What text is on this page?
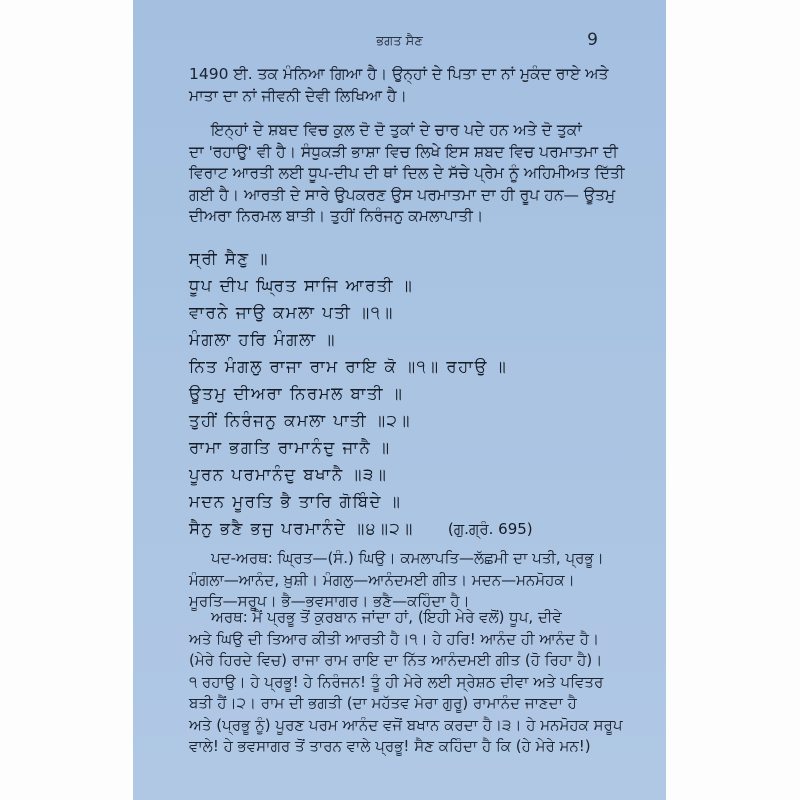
ਭਗਤ ਸੈਣ	9
1490 ਈ. ਤਕ ਮੰਨਿਆ ਗਿਆ ਹੈ। ਉਨ੍ਹਾਂ ਦੇ ਪਿਤਾ ਦਾ ਨਾਂ ਮੁਕੰਦ ਰਾਏ ਅਤੇ
ਮਾਤਾ ਦਾ ਨਾਂ ਜੀਵਨੀ ਦੇਵੀ ਲਿਖਿਆ ਹੈ।
ਇਨ੍ਹਾਂ ਦੇ ਸ਼ਬਦ ਵਿਚ ਕੁਲ ਦੋ ਦੋ ਤੁਕਾਂ ਦੇ ਚਾਰ ਪਦੇ ਹਨ ਅਤੇ ਦੋ ਤੁਕਾਂ
ਦਾ 'ਰਹਾਉ' ਵੀ ਹੈ। ਸੰਧੁਕੜੀ ਭਾਸ਼ਾ ਵਿਚ ਲਿਖੇ ਇਸ ਸ਼ਬਦ ਵਿਚ ਪਰਮਾਤਮਾ ਦੀ
ਵਿਰਾਟ ਆਰਤੀ ਲਈ ਧੂਪ-ਦੀਪ ਦੀ ਥਾਂ ਦਿਲ ਦੇ ਸੱਚੇ ਪ੍ਰੇਮ ਨੂੰ ਅਹਿਮੀਅਤ ਦਿੱਤੀ
ਗਈ ਹੈ। ਆਰਤੀ ਦੇ ਸਾਰੇ ਉਪਕਰਣ ਉਸ ਪਰਮਾਤਮਾ ਦਾ ਹੀ ਰੂਪ ਹਨ— ਊਤਮੁ
ਦੀਅਰਾ ਨਿਰਮਲ ਬਾਤੀ। ਤੁਹੀਂ ਨਿਰੰਜਨੁ ਕਮਲਾਪਾਤੀ।
ਸ੍ਰੀ ਸੈਣੁ ॥
ਧੂਪ ਦੀਪ ਘ੍ਰਿਤ ਸਾਜਿ ਆਰਤੀ ॥
ਵਾਰਨੇ ਜਾਉ ਕਮਲਾ ਪਤੀ ॥੧॥
ਮੰਗਲਾ ਹਰਿ ਮੰਗਲਾ ॥
ਨਿਤ ਮੰਗਲੁ ਰਾਜਾ ਰਾਮ ਰਾਇ ਕੋ ॥੧॥ ਰਹਾਉ ॥
ਊਤਮੁ ਦੀਅਰਾ ਨਿਰਮਲ ਬਾਤੀ ॥
ਤੁਹੀਂ ਨਿਰੰਜਨੁ ਕਮਲਾ ਪਾਤੀ ॥੨॥
ਰਾਮਾ ਭਗਤਿ ਰਾਮਾਨੰਦੁ ਜਾਨੈ ॥
ਪੂਰਨ ਪਰਮਾਨੰਦੁ ਬਖਾਨੈ ॥੩॥
ਮਦਨ ਮੂਰਤਿ ਭੈ ਤਾਰਿ ਗੋਬਿੰਦੇ ॥
ਸੈਨੁ ਭਣੈ ਭਜੁ ਪਰਮਾਨੰਦੇ ॥੪॥੨॥ (ਗੁ.ਗ੍ਰੰ. 695)
ਪਦ-ਅਰਥ: ਘ੍ਰਿਤ—(ਸੰ.) ਘਿਉ। ਕਮਲਾਪਤਿ—ਲੱਛਮੀ ਦਾ ਪਤੀ, ਪ੍ਰਭੂ।
ਮੰਗਲਾ—ਆਨੰਦ, ਖ਼ੁਸ਼ੀ। ਮੰਗਲੁ—ਆਨੰਦਮਈ ਗੀਤ। ਮਦਨ—ਮਨਮੋਹਕ।
ਮੂਰਤਿ—ਸਰੂਪ। ਭੈ—ਭਵਸਾਗਰ। ਭਣੈ—ਕਹਿੰਦਾ ਹੈ।
ਅਰਥ: ਮੈਂ ਪ੍ਰਭੂ ਤੋਂ ਕੁਰਬਾਨ ਜਾਂਦਾ ਹਾਂ, (ਇਹੀ ਮੇਰੇ ਵਲੋਂ) ਧੂਪ, ਦੀਵੇ
ਅਤੇ ਘਿਉ ਦੀ ਤਿਆਰ ਕੀਤੀ ਆਰਤੀ ਹੈ।੧। ਹੇ ਹਰਿ! ਆਨੰਦ ਹੀ ਆਨੰਦ ਹੈ।
(ਮੇਰੇ ਹਿਰਦੇ ਵਿਚ) ਰਾਜਾ ਰਾਮ ਰਾਇ ਦਾ ਨਿੱਤ ਆਨੰਦਮਈ ਗੀਤ (ਹੋ ਰਿਹਾ ਹੈ)।
੧ ਰਹਾਉ। ਹੇ ਪ੍ਰਭੂ! ਹੇ ਨਿਰੰਜਨ! ਤੂੰ ਹੀ ਮੇਰੇ ਲਈ ਸ੍ਰੇਸ਼ਠ ਦੀਵਾ ਅਤੇ ਪਵਿਤਰ
ਬਤੀ ਹੈਂ।੨। ਰਾਮ ਦੀ ਭਗਤੀ (ਦਾ ਮਹੱਤਵ ਮੇਰਾ ਗੁਰੂ) ਰਾਮਾਨੰਦ ਜਾਣਦਾ ਹੈ
ਅਤੇ (ਪ੍ਰਭੂ ਨੂੰ) ਪੂਰਣ ਪਰਮ ਆਨੰਦ ਵਜੋਂ ਬਖਾਨ ਕਰਦਾ ਹੈ।੩। ਹੇ ਮਨਮੋਹਕ ਸਰੂਪ
ਵਾਲੇ! ਹੇ ਭਵਸਾਗਰ ਤੋਂ ਤਾਰਨ ਵਾਲੇ ਪ੍ਰਭੂ! ਸੈਣ ਕਹਿੰਦਾ ਹੈ ਕਿ (ਹੇ ਮੇਰੇ ਮਨ!)
